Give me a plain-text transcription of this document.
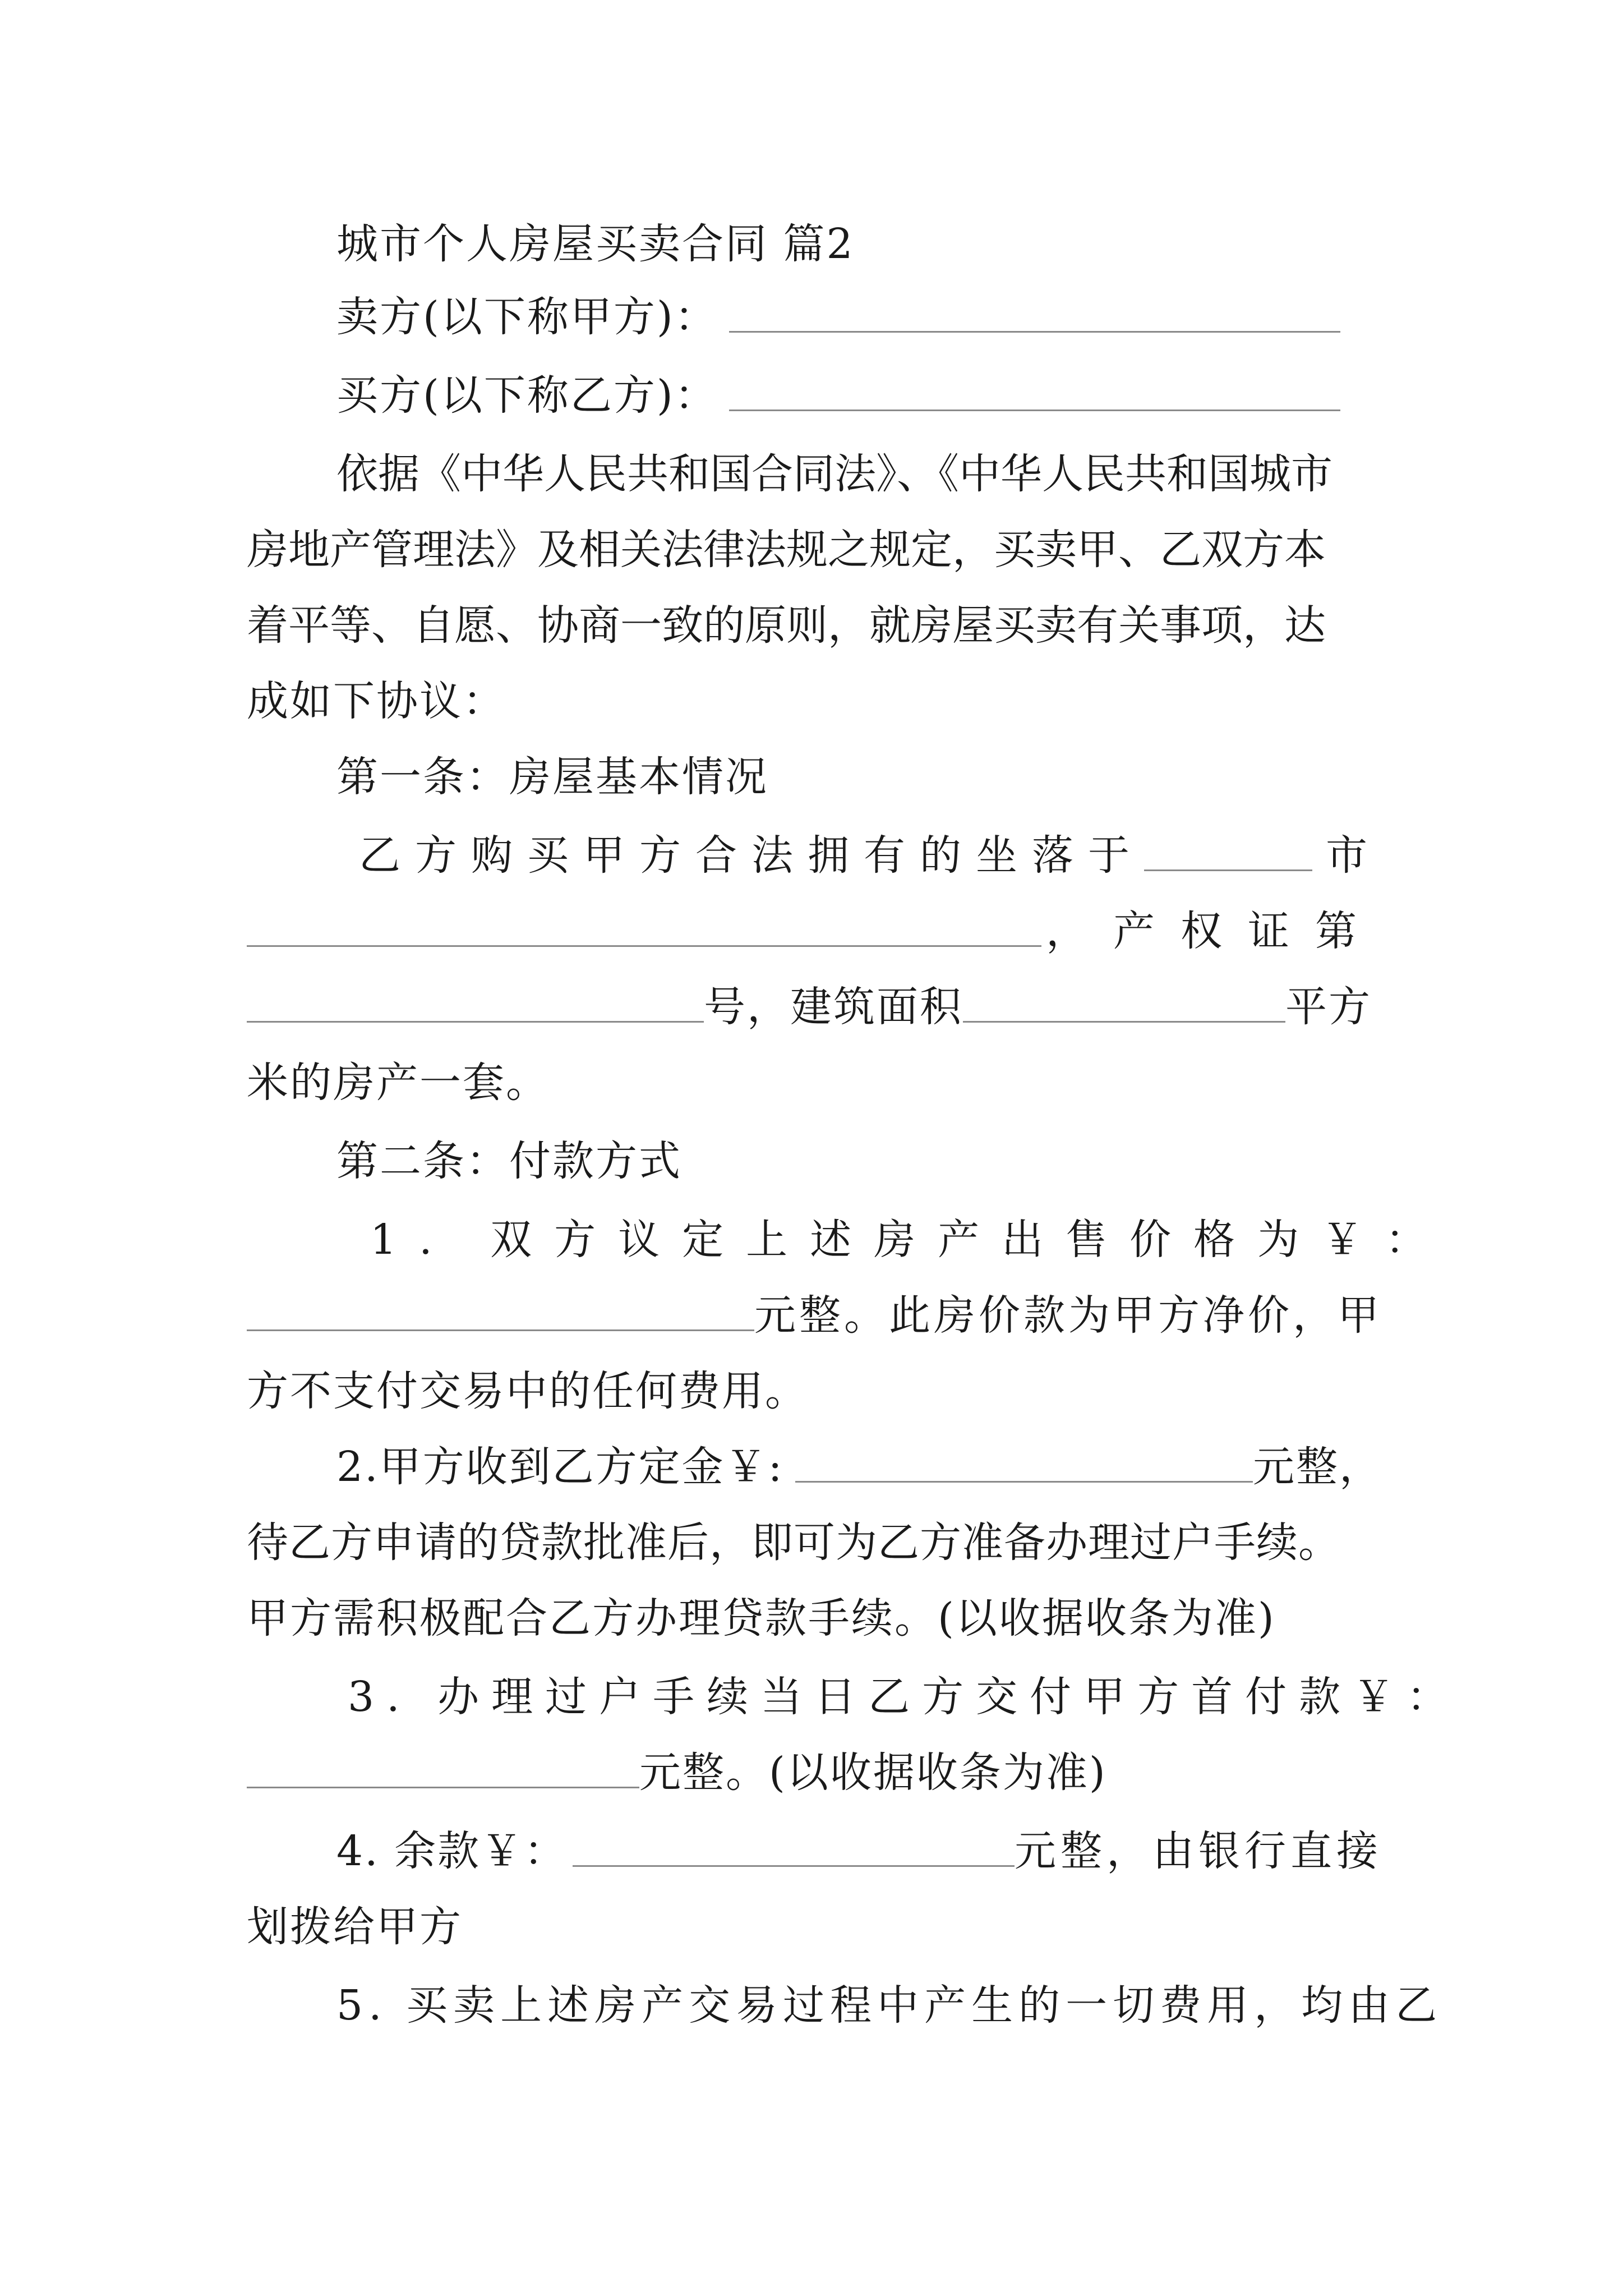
城市个人房屋买卖合同 篇2
卖方(以下称甲方)：
买方(以下称乙方)：
依据《中华人民共和国合同法》、《中华人民共和国城市
房地产管理法》及相关法律法规之规定，买卖甲、乙双方本
着平等、自愿、协商一致的原则，就房屋买卖有关事项，达
成如下协议：
第一条：房屋基本情况
乙方购买甲方合法拥有的坐落于	市
，产权证第
号，建筑面积	平方
米的房产一套。
第二条：付款方式
1. 双方议定上述房产出售价格为￥：
元整。此房价款为甲方净价，甲
方不支付交易中的任何费用。
2.甲方收到乙方定金￥:	元整，
待乙方申请的贷款批准后，即可为乙方准备办理过户手续。
甲方需积极配合乙方办理贷款手续。(以收据收条为准)
3. 办理过户手续当日乙方交付甲方首付款￥：
元整。(以收据收条为准)
4. 余款￥：	元整，由银行直接
划拨给甲方
5. 买卖上述房产交易过程中产生的一切费用，均由乙
